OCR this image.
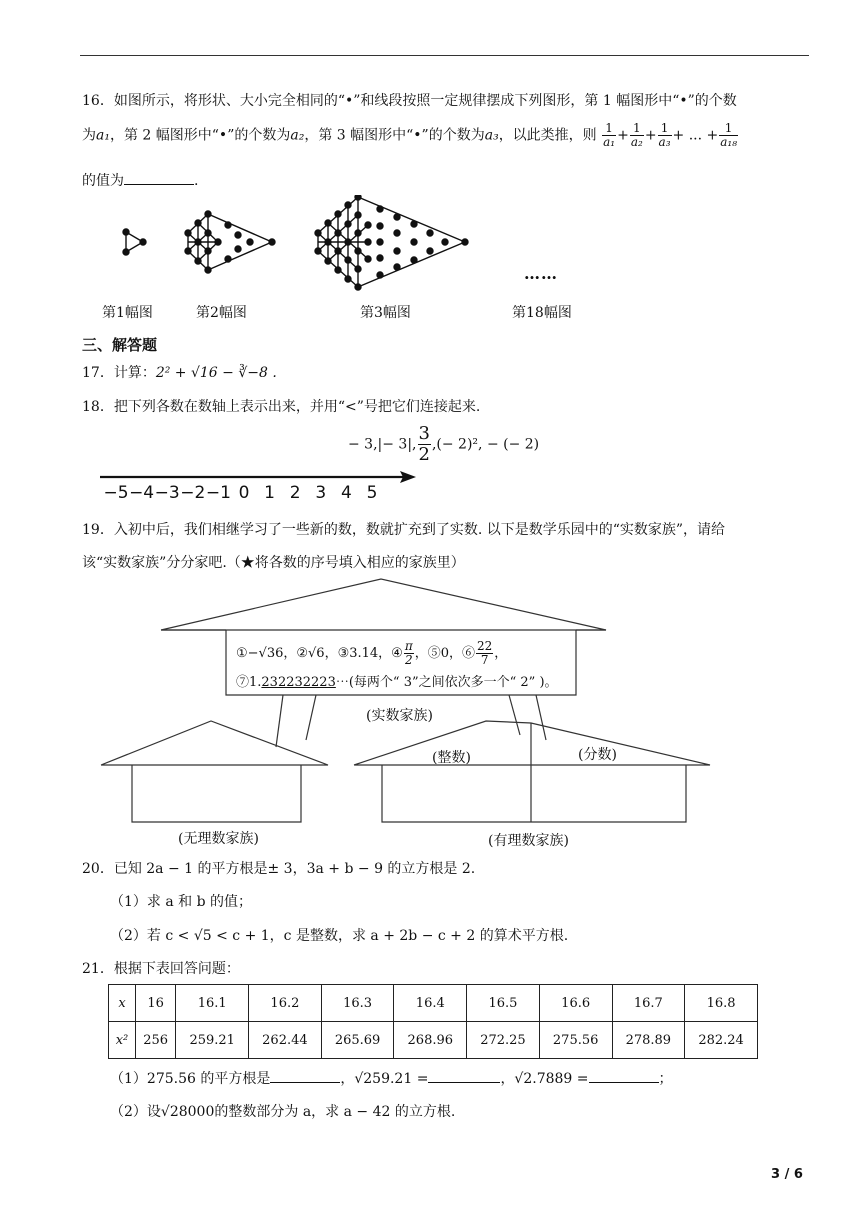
16．如图所示，将形状、大小完全相同的“•”和线段按照一定规律摆成下列图形，第 1 幅图形中“•”的个数
为a₁，第 2 幅图形中“•”的个数为a₂，第 3 幅图形中“•”的个数为a₃，以此类推，则 $\frac{1}{\text{a₁}} + \frac{1}{\text{a₂}} + \frac{1}{\text{a₃}}$ + ... + $\frac{1}{\text{a₁₈}}$
的值为	.
……
第1幅图	第2幅图	第3幅图	第18幅图
三、解答题
17．计算：2² + √16 − ∛−8 .
18．把下列各数在数轴上表示出来，并用“<”号把它们连接起来.
− 3,|− 3|, $\frac{3}{2}$ ,(− 2)², − (− 2)
−5 −4 −3 −2 −1 0 1 2 3 4 5
19．入初中后，我们相继学习了一些新的数，数就扩充到了实数. 以下是数学乐园中的“实数家族”，请给
该“实数家族”分分家吧.（★将各数的序号填入相应的家族里）
①−√36，②√6，③3.14，④ $\frac{\pi}{2}$ ，⑤0，⑥ $\frac{22}{7}$ ，
⑦1.232232223⋯(每两个“ 3”之间依次多一个“ 2” )。
(实数家族)
(整数)	(分数)
(无理数家族)	(有理数家族)
20．已知 2a − 1 的平方根是± 3，3a + b − 9 的立方根是 2.
（1）求 a 和 b 的值；
（2）若 c < √5 < c + 1，c 是整数，求 a + 2b − c + 2 的算术平方根.
21．根据下表回答问题：
x	16	16.1	16.2	16.3	16.4	16.5	16.6	16.7	16.8
x²	256	259.21	262.44	265.69	268.96	272.25	275.56	278.89	282.24
（1）275.56 的平方根是	，√259.21 =	，√2.7889 =	；
（2）设√28000的整数部分为 a，求 a − 42 的立方根.
3 / 6
